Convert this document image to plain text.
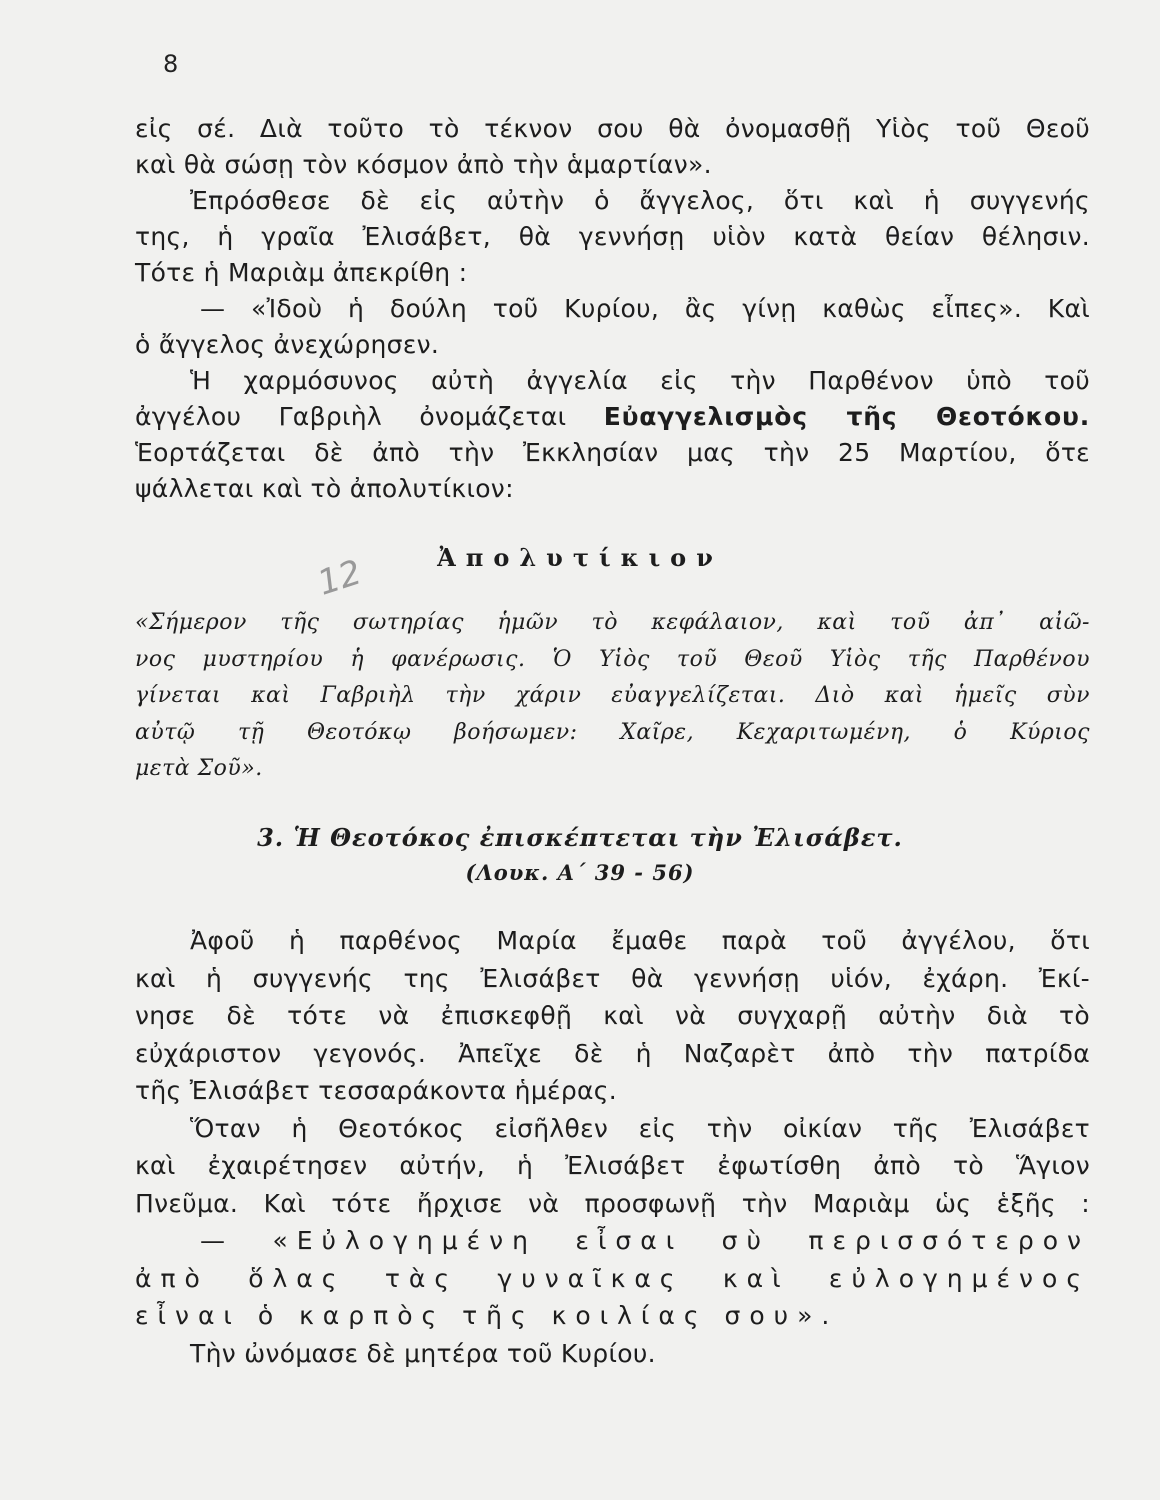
8
12
εἰς σέ. Διὰ τοῦτο τὸ τέκνον σου θὰ ὀνομασθῇ Υἱὸς τοῦ Θεοῦ
καὶ θὰ σώσῃ τὸν κόσμον ἀπὸ τὴν ἁμαρτίαν».
Ἐπρόσθεσε δὲ εἰς αὐτὴν ὁ ἄγγελος, ὅτι καὶ ἡ συγγενής
της, ἡ γραῖα Ἐλισάβετ, θὰ γεννήσῃ υἱὸν κατὰ θείαν θέλησιν.
Τότε ἡ Μαριὰμ ἀπεκρίθη :
— «Ἰδοὺ ἡ δούλη τοῦ Κυρίου, ἂς γίνῃ καθὼς εἶπες». Καὶ
ὁ ἄγγελος ἀνεχώρησεν.
Ἡ χαρμόσυνος αὐτὴ ἀγγελία εἰς τὴν Παρθένον ὑπὸ τοῦ
ἀγγέλου Γαβριὴλ ὀνομάζεται Εὐαγγελισμὸς τῆς Θεοτόκου.
Ἑορτάζεται δὲ ἀπὸ τὴν Ἐκκλησίαν μας τὴν 25 Μαρτίου, ὅτε
ψάλλεται καὶ τὸ ἀπολυτίκιον:
Ἀπολυτίκιον
«Σήμερον τῆς σωτηρίας ἡμῶν τὸ κεφάλαιον, καὶ τοῦ ἀπ᾿ αἰῶ-
νος μυστηρίου ἡ φανέρωσις. Ὁ Υἱὸς τοῦ Θεοῦ Υἱὸς τῆς Παρθένου
γίνεται καὶ Γαβριὴλ τὴν χάριν εὐαγγελίζεται. Διὸ καὶ ἡμεῖς σὺν
αὐτῷ τῇ Θεοτόκῳ βοήσωμεν: Χαῖρε, Κεχαριτωμένη, ὁ Κύριος
μετὰ Σοῦ».
3. Ἡ Θεοτόκος ἐπισκέπτεται τὴν Ἐλισάβετ.
(Λουκ. Α΄ 39 - 56)
Ἀφοῦ ἡ παρθένος Μαρία ἔμαθε παρὰ τοῦ ἀγγέλου, ὅτι
καὶ ἡ συγγενής της Ἐλισάβετ θὰ γεννήσῃ υἱόν, ἐχάρη. Ἐκί-
νησε δὲ τότε νὰ ἐπισκεφθῇ καὶ νὰ συγχαρῇ αὐτὴν διὰ τὸ
εὐχάριστον γεγονός. Ἀπεῖχε δὲ ἡ Ναζαρὲτ ἀπὸ τὴν πατρίδα
τῆς Ἐλισάβετ τεσσαράκοντα ἡμέρας.
Ὅταν ἡ Θεοτόκος εἰσῆλθεν εἰς τὴν οἰκίαν τῆς Ἐλισάβετ
καὶ ἐχαιρέτησεν αὐτήν, ἡ Ἐλισάβετ ἐφωτίσθη ἀπὸ τὸ Ἅγιον
Πνεῦμα. Καὶ τότε ἤρχισε νὰ προσφωνῇ τὴν Μαριὰμ ὡς ἑξῆς :
— «Εὐλογημένη εἶσαι σὺ περισσότερον
ἀπὸ ὅλας τὰς γυναῖκας καὶ εὐλογημένος
εἶναι ὁ καρπὸς τῆς κοιλίας σου».
Τὴν ὠνόμασε δὲ μητέρα τοῦ Κυρίου.
